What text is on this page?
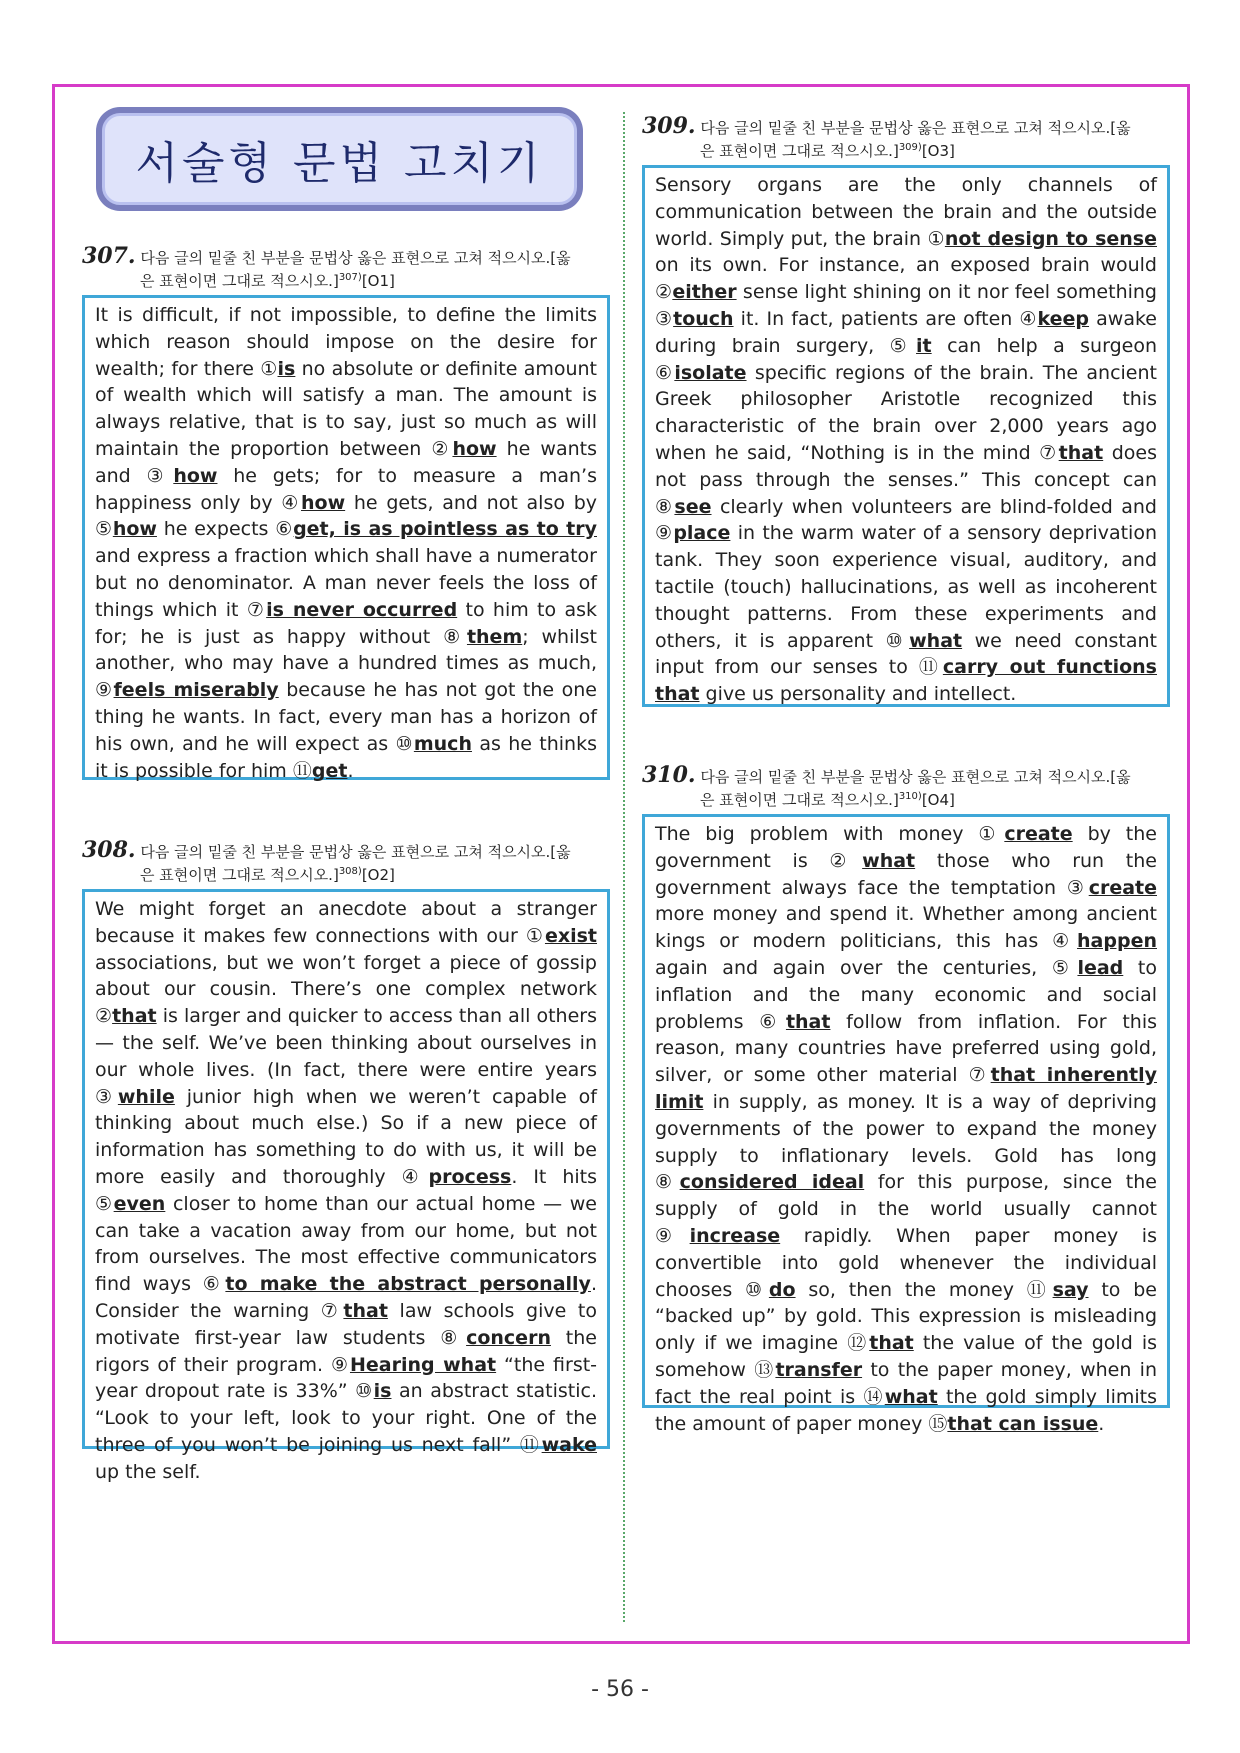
서술형 문법 고치기
307. 다음 글의 밑줄 친 부분을 문법상 옳은 표현으로 고쳐 적으시오.[옳
은 표현이면 그대로 적으시오.]$^{307)}$[O1]
It is difficult, if not impossible, to define the limits which reason should impose on the desire for wealth; for there ①is no absolute or definite amount of wealth which will satisfy a man. The amount is always relative, that is to say, just so much as will maintain the proportion between ②how he wants and ③how he gets; for to measure a man’s happiness only by ④how he gets, and not also by ⑤how he expects ⑥get, is as pointless as to try and express a fraction which shall have a numerator but no denominator. A man never feels the loss of things which it ⑦is never occurred to him to ask for; he is just as happy without ⑧them; whilst another, who may have a hundred times as much, ⑨feels miserably because he has not got the one thing he wants. In fact, every man has a horizon of his own, and he will expect as ⑩much as he thinks it is possible for him ⑪get.
308. 다음 글의 밑줄 친 부분을 문법상 옳은 표현으로 고쳐 적으시오.[옳
은 표현이면 그대로 적으시오.]$^{308)}$[O2]
We might forget an anecdote about a stranger because it makes few connections with our ①exist associations, but we won’t forget a piece of gossip about our cousin. There’s one complex network ②that is larger and quicker to access than all others — the self. We’ve been thinking about ourselves in our whole lives. (In fact, there were entire years ③while junior high when we weren’t capable of thinking about much else.) So if a new piece of information has something to do with us, it will be more easily and thoroughly ④process. It hits ⑤even closer to home than our actual home — we can take a vacation away from our home, but not from ourselves. The most effective communicators find ways ⑥to make the abstract personally. Consider the warning ⑦that law schools give to motivate first-year law students ⑧concern the rigors of their program. ⑨Hearing what “the first-year dropout rate is 33%” ⑩is an abstract statistic. “Look to your left, look to your right. One of the three of you won’t be joining us next fall” ⑪wake up the self.
309. 다음 글의 밑줄 친 부분을 문법상 옳은 표현으로 고쳐 적으시오.[옳
은 표현이면 그대로 적으시오.]$^{309)}$[O3]
Sensory organs are the only channels of communication between the brain and the outside world. Simply put, the brain ①not design to sense on its own. For instance, an exposed brain would ②either sense light shining on it nor feel something ③touch it. In fact, patients are often ④keep awake during brain surgery, ⑤it can help a surgeon ⑥isolate specific regions of the brain. The ancient Greek philosopher Aristotle recognized this characteristic of the brain over 2,000 years ago when he said, “Nothing is in the mind ⑦that does not pass through the senses.” This concept can ⑧see clearly when volunteers are blind-folded and ⑨place in the warm water of a sensory deprivation tank. They soon experience visual, auditory, and tactile (touch) hallucinations, as well as incoherent thought patterns. From these experiments and others, it is apparent ⑩what we need constant input from our senses to ⑪carry out functions that give us personality and intellect.
310. 다음 글의 밑줄 친 부분을 문법상 옳은 표현으로 고쳐 적으시오.[옳
은 표현이면 그대로 적으시오.]$^{310)}$[O4]
The big problem with money ①create by the government is ②what those who run the government always face the temptation ③create more money and spend it. Whether among ancient kings or modern politicians, this has ④happen again and again over the centuries, ⑤lead to inflation and the many economic and social problems ⑥that follow from inflation. For this reason, many countries have preferred using gold, silver, or some other material ⑦that inherently limit in supply, as money. It is a way of depriving governments of the power to expand the money supply to inflationary levels. Gold has long ⑧considered ideal for this purpose, since the supply of gold in the world usually cannot ⑨increase rapidly. When paper money is convertible into gold whenever the individual chooses ⑩do so, then the money ⑪say to be “backed up” by gold. This expression is misleading only if we imagine ⑫that the value of the gold is somehow ⑬transfer to the paper money, when in fact the real point is ⑭what the gold simply limits the amount of paper money ⑮that can issue.
- 56 -
